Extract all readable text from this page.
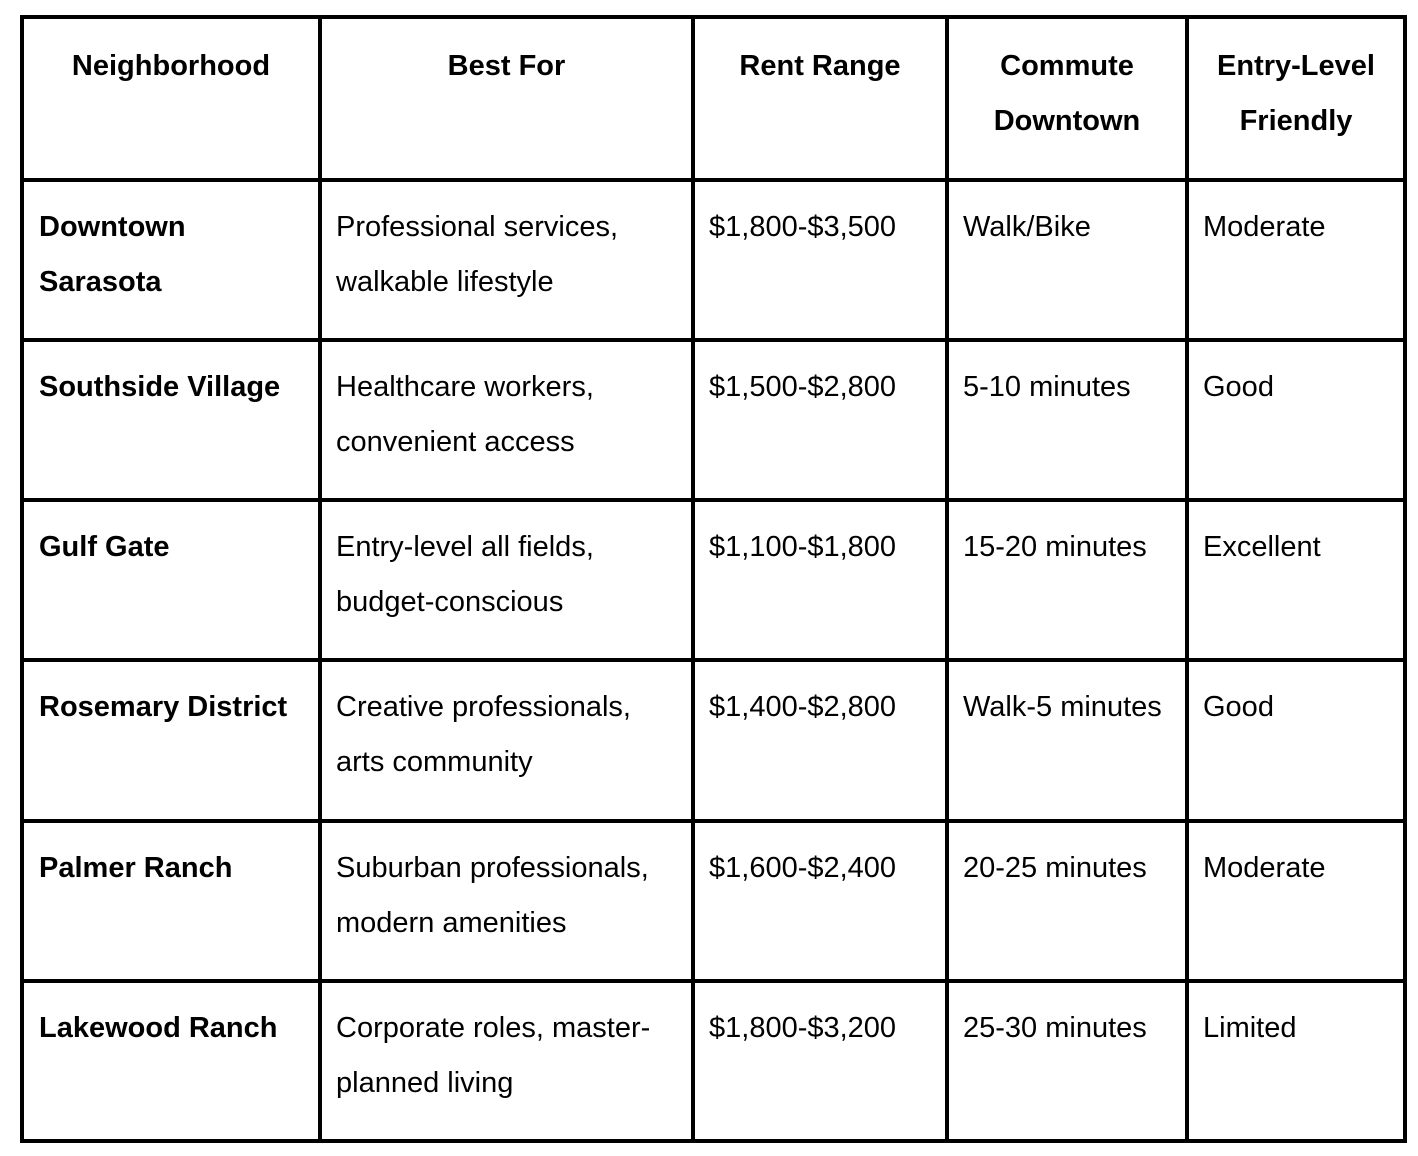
Neighborhood	Best For	Rent Range	Commute Downtown	Entry-Level Friendly
Downtown Sarasota	Professional services, walkable lifestyle	$1,800-$3,500	Walk/Bike	Moderate
Southside Village	Healthcare workers, convenient access	$1,500-$2,800	5-10 minutes	Good
Gulf Gate	Entry-level all fields, budget-conscious	$1,100-$1,800	15-20 minutes	Excellent
Rosemary District	Creative professionals, arts community	$1,400-$2,800	Walk-5 minutes	Good
Palmer Ranch	Suburban professionals, modern amenities	$1,600-$2,400	20-25 minutes	Moderate
Lakewood Ranch	Corporate roles, master-planned living	$1,800-$3,200	25-30 minutes	Limited
